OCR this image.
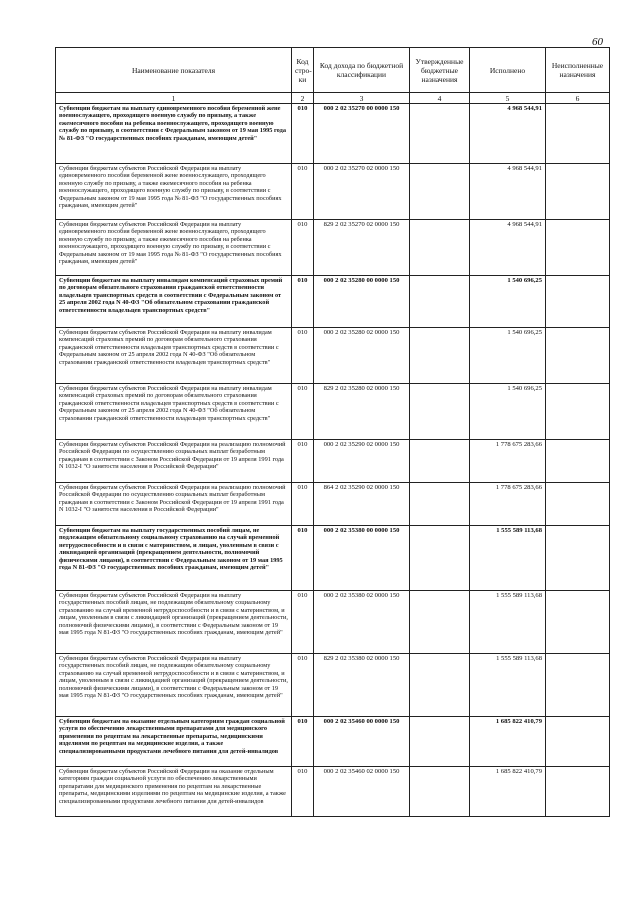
60
Наименование показателя	Код стро-ки	Код дохода по бюджетной классификации	Утвержденные бюджетные назначения	Исполнено	Неисполненные назначения
1	2	3	4	5	6
Субвенции бюджетам на выплату единовременного пособия беременной жене военнослужащего, проходящего военную службу по призыву, а также ежемесячного пособия на ребенка военнослужащего, проходящего военную службу по призыву, в соответствии с Федеральным законом от 19 мая 1995 года № 81-ФЗ "О государственных пособиях гражданам, имеющим детей"	010	000 2 02 35270 00 0000 150		4 968 544,91	
Субвенции бюджетам субъектов Российской Федерации на выплату единовременного пособия беременной жене военнослужащего, проходящего военную службу по призыву, а также ежемесячного пособия на ребенка военнослужащего, проходящего военную службу по призыву, в соответствии с Федеральным законом от 19 мая 1995 года № 81-ФЗ "О государственных пособиях гражданам, имеющим детей"	010	000 2 02 35270 02 0000 150		4 968 544,91	
Субвенции бюджетам субъектов Российской Федерации на выплату единовременного пособия беременной жене военнослужащего, проходящего военную службу по призыву, а также ежемесячного пособия на ребенка военнослужащего, проходящего военную службу по призыву, в соответствии с Федеральным законом от 19 мая 1995 года № 81-ФЗ "О государственных пособиях гражданам, имеющим детей"	010	829 2 02 35270 02 0000 150		4 968 544,91	
Субвенции бюджетам на выплату инвалидам компенсаций страховых премий по договорам обязательного страхования гражданской ответственности владельцев транспортных средств в соответствии с Федеральным законом от 25 апреля 2002 года N 40-ФЗ "Об обязательном страховании гражданской ответственности владельцев транспортных средств"	010	000 2 02 35280 00 0000 150		1 540 696,25	
Субвенции бюджетам субъектов Российской Федерации на выплату инвалидам компенсаций страховых премий по договорам обязательного страхования гражданской ответственности владельцев транспортных средств в соответствии с Федеральным законом от 25 апреля 2002 года N 40-ФЗ "Об обязательном страховании гражданской ответственности владельцев транспортных средств"	010	000 2 02 35280 02 0000 150		1 540 696,25	
Субвенции бюджетам субъектов Российской Федерации на выплату инвалидам компенсаций страховых премий по договорам обязательного страхования гражданской ответственности владельцев транспортных средств в соответствии с Федеральным законом от 25 апреля 2002 года N 40-ФЗ "Об обязательном страховании гражданской ответственности владельцев транспортных средств"	010	829 2 02 35280 02 0000 150		1 540 696,25	
Субвенции бюджетам субъектов Российской Федерации на реализацию полномочий Российской Федерации по осуществлению социальных выплат безработным гражданам в соответствии с Законом Российской Федерации от 19 апреля 1991 года N 1032-I "О занятости населения в Российской Федерации"	010	000 2 02 35290 02 0000 150		1 778 675 283,66	
Субвенции бюджетам субъектов Российской Федерации на реализацию полномочий Российской Федерации по осуществлению социальных выплат безработным гражданам в соответствии с Законом Российской Федерации от 19 апреля 1991 года N 1032-I "О занятости населения в Российской Федерации"	010	864 2 02 35290 02 0000 150		1 778 675 283,66	
Субвенции бюджетам на выплату государственных пособий лицам, не подлежащим обязательному социальному страхованию на случай временной нетрудоспособности и в связи с материнством, и лицам, уволенным в связи с ликвидацией организаций (прекращением деятельности, полномочий физическими лицами), в соответствии с Федеральным законом от 19 мая 1995 года N 81-ФЗ "О государственных пособиях гражданам, имеющим детей"	010	000 2 02 35380 00 0000 150		1 555 589 113,68	
Субвенции бюджетам субъектов Российской Федерации на выплату государственных пособий лицам, не подлежащим обязательному социальному страхованию на случай временной нетрудоспособности и в связи с материнством, и лицам, уволенным в связи с ликвидацией организаций (прекращением деятельности, полномочий физическими лицами), в соответствии с Федеральным законом от 19 мая 1995 года N 81-ФЗ "О государственных пособиях гражданам, имеющим детей"	010	000 2 02 35380 02 0000 150		1 555 589 113,68	
Субвенции бюджетам субъектов Российской Федерации на выплату государственных пособий лицам, не подлежащим обязательному социальному страхованию на случай временной нетрудоспособности и в связи с материнством, и лицам, уволенным в связи с ликвидацией организаций (прекращением деятельности, полномочий физическими лицами), в соответствии с Федеральным законом от 19 мая 1995 года N 81-ФЗ "О государственных пособиях гражданам, имеющим детей"	010	829 2 02 35380 02 0000 150		1 555 589 113,68	
Субвенции бюджетам на оказание отдельным категориям граждан социальной услуги по обеспечению лекарственными препаратами для медицинского применения по рецептам на лекарственные препараты, медицинскими изделиями по рецептам на медицинские изделия, а также специализированными продуктами лечебного питания для детей-инвалидов	010	000 2 02 35460 00 0000 150		1 685 822 410,79	
Субвенции бюджетам субъектов Российской Федерации на оказание отдельным категориям граждан социальной услуги по обеспечению лекарственными препаратами для медицинского применения по рецептам на лекарственные препараты, медицинскими изделиями по рецептам на медицинские изделия, а также специализированными продуктами лечебного питания для детей-инвалидов	010	000 2 02 35460 02 0000 150		1 685 822 410,79	
